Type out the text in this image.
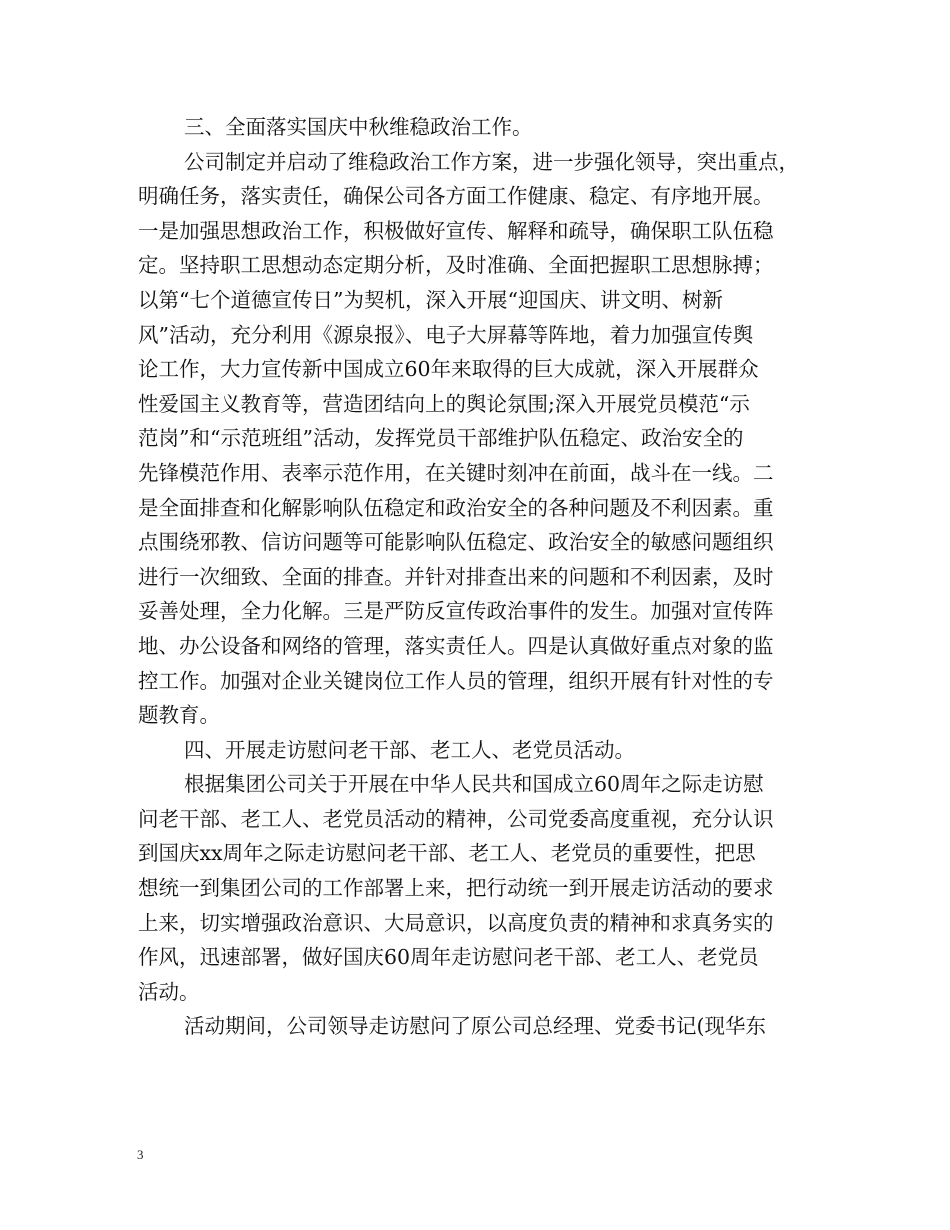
三、全面落实国庆中秋维稳政治工作。
公司制定并启动了维稳政治工作方案，进一步强化领导，突出重点，
明确任务，落实责任，确保公司各方面工作健康、稳定、有序地开展。
一是加强思想政治工作，积极做好宣传、解释和疏导，确保职工队伍稳
定。坚持职工思想动态定期分析，及时准确、全面把握职工思想脉搏；
以第“七个道德宣传日”为契机，深入开展“迎国庆、讲文明、树新
风”活动，充分利用《源泉报》、电子大屏幕等阵地，着力加强宣传舆
论工作，大力宣传新中国成立60年来取得的巨大成就，深入开展群众
性爱国主义教育等，营造团结向上的舆论氛围;深入开展党员模范“示
范岗”和“示范班组”活动，发挥党员干部维护队伍稳定、政治安全的
先锋模范作用、表率示范作用，在关键时刻冲在前面，战斗在一线。二
是全面排查和化解影响队伍稳定和政治安全的各种问题及不利因素。重
点围绕邪教、信访问题等可能影响队伍稳定、政治安全的敏感问题组织
进行一次细致、全面的排查。并针对排查出来的问题和不利因素，及时
妥善处理，全力化解。三是严防反宣传政治事件的发生。加强对宣传阵
地、办公设备和网络的管理，落实责任人。四是认真做好重点对象的监
控工作。加强对企业关键岗位工作人员的管理，组织开展有针对性的专
题教育。
四、开展走访慰问老干部、老工人、老党员活动。
根据集团公司关于开展在中华人民共和国成立60周年之际走访慰
问老干部、老工人、老党员活动的精神，公司党委高度重视，充分认识
到国庆xx周年之际走访慰问老干部、老工人、老党员的重要性，把思
想统一到集团公司的工作部署上来，把行动统一到开展走访活动的要求
上来，切实增强政治意识、大局意识，以高度负责的精神和求真务实的
作风，迅速部署，做好国庆60周年走访慰问老干部、老工人、老党员
活动。
活动期间，公司领导走访慰问了原公司总经理、党委书记(现华东
3
